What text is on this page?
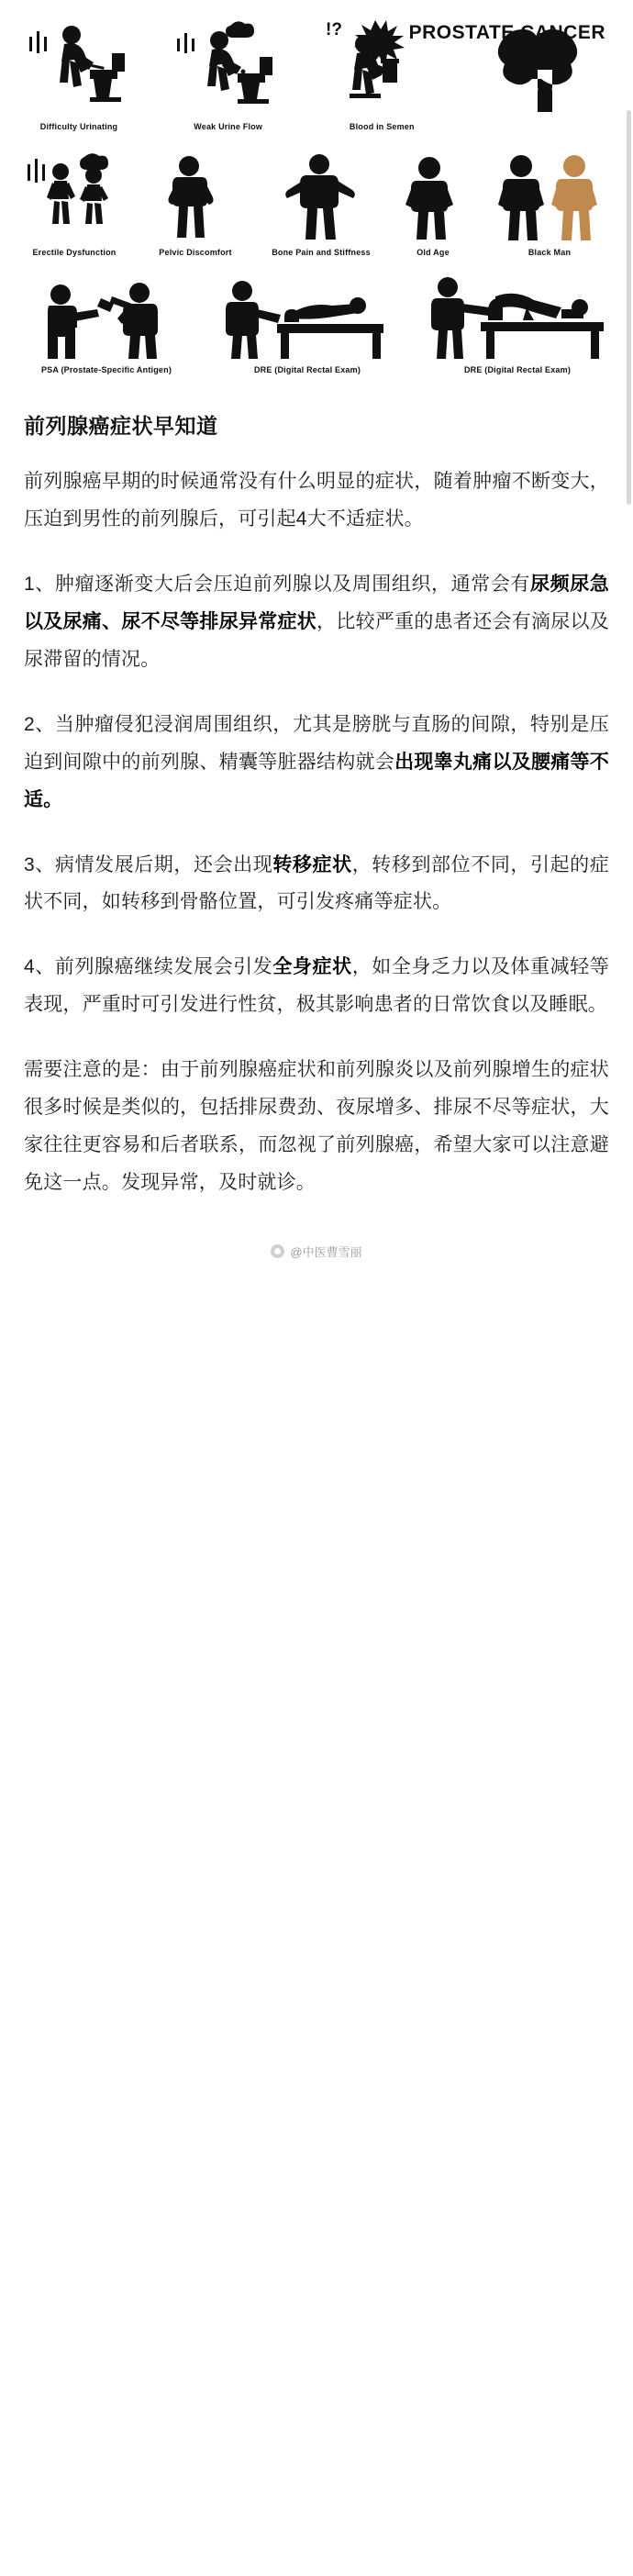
PROSTATE CANCER
Difficulty Urinating	Weak Urine Flow
!?
Blood in Semen
Erectile Dysfunction	Pelvic Discomfort	Bone Pain and Stiffness	Old Age	Black Man
PSA (Prostate-Specific Antigen)	DRE (Digital Rectal Exam)	DRE (Digital Rectal Exam)
前列腺癌症状早知道

前列腺癌早期的时候通常没有什么明显的症状，随着肿瘤不断变大，压迫到男性的前列腺后，可引起4大不适症状。

1、肿瘤逐渐变大后会压迫前列腺以及周围组织，通常会有尿频尿急以及尿痛、尿不尽等排尿异常症状，比较严重的患者还会有滴尿以及尿滞留的情况。

2、当肿瘤侵犯浸润周围组织，尤其是膀胱与直肠的间隙，特别是压迫到间隙中的前列腺、精囊等脏器结构就会出现睾丸痛以及腰痛等不适。

3、病情发展后期，还会出现转移症状，转移到部位不同，引起的症状不同，如转移到骨骼位置，可引发疼痛等症状。

4、前列腺癌继续发展会引发全身症状，如全身乏力以及体重减轻等表现，严重时可引发进行性贫，极其影响患者的日常饮食以及睡眠。

需要注意的是：由于前列腺癌症状和前列腺炎以及前列腺增生的症状很多时候是类似的，包括排尿费劲、夜尿增多、排尿不尽等症状，大家往往更容易和后者联系，而忽视了前列腺癌，希望大家可以注意避免这一点。发现异常，及时就诊。

@中医曹雪丽
